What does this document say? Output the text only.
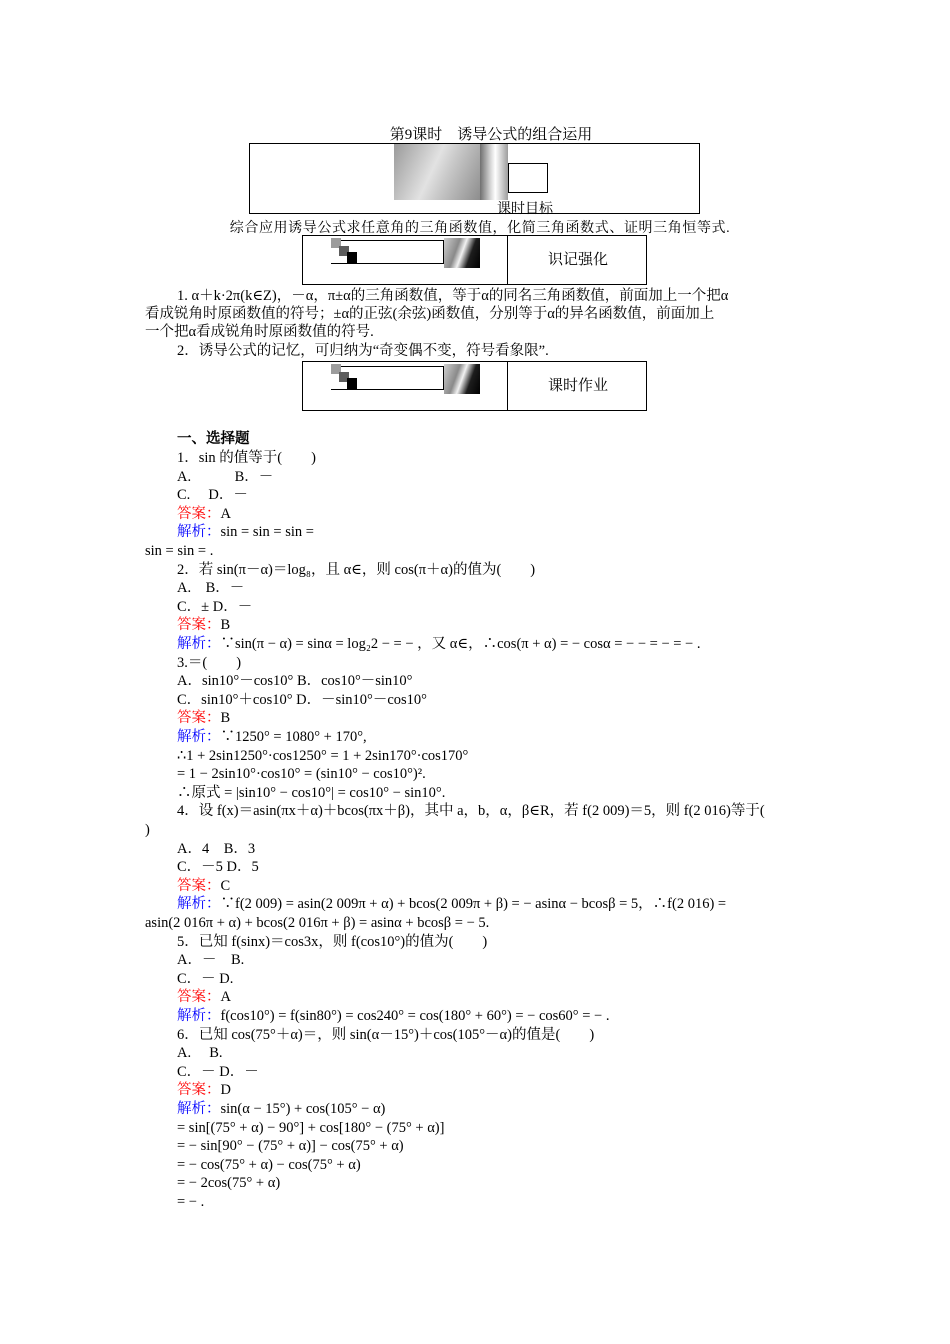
第9课时　诱导公式的组合运用
课时目标
综合应用诱导公式求任意角的三角函数值，化简三角函数式、证明三角恒等式.
识记强化
1. α＋k·2π(k∈Z)，－α，π±α的三角函数值，等于α的同名三角函数值，前面加上一个把α
看成锐角时原函数值的符号；±α的正弦(余弦)函数值，分别等于α的异名函数值，前面加上
一个把α看成锐角时原函数值的符号.
2．诱导公式的记忆，可归纳为“奇变偶不变，符号看象限”.
课时作业
一、选择题
1．sin 的值等于(　　)
A.　　　B．－
C.　 D．－
答案：A
解析：sin = sin = sin =
sin = sin = .
2．若 sin(π－α)＝log₈，且 α∈，则 cos(π＋α)的值为(　　)
A.　B．－
C．± D．－
答案：B
解析：∵sin(π − α) = sinα = log₂2 − = − ，又 α∈，∴cos(π + α) = − cosα = − − = − = − .
3.＝(　　)
A．sin10°－cos10° B．cos10°－sin10°
C．sin10°＋cos10° D．－sin10°－cos10°
答案：B
解析：∵1250° = 1080° + 170°,
∴1 + 2sin1250°·cos1250° = 1 + 2sin170°·cos170°
= 1 − 2sin10°·cos10° = (sin10° − cos10°)².
∴原式 = |sin10° − cos10°| = cos10° − sin10°.
4．设 f(x)＝asin(πx＋α)＋bcos(πx＋β)，其中 a，b，α，β∈R，若 f(2 009)＝5，则 f(2 016)等于(
)
A．4　B．3
C．－5 D．5
答案：C
解析：∵f(2 009) = asin(2 009π + α) + bcos(2 009π + β) = − asinα − bcosβ = 5，∴f(2 016) =
asin(2 016π + α) + bcos(2 016π + β) = asinα + bcosβ = − 5.
5．已知 f(sinx)＝cos3x，则 f(cos10°)的值为(　　)
A．－　B.
C．－ D.
答案：A
解析：f(cos10°) = f(sin80°) = cos240° = cos(180° + 60°) = − cos60° = − .
6．已知 cos(75°＋α)＝，则 sin(α－15°)＋cos(105°－α)的值是(　　)
A.　 B.
C．－ D．－
答案：D
解析：sin(α − 15°) + cos(105° − α)
= sin[(75° + α) − 90°] + cos[180° − (75° + α)]
= − sin[90° − (75° + α)] − cos(75° + α)
= − cos(75° + α) − cos(75° + α)
= − 2cos(75° + α)
= − .
